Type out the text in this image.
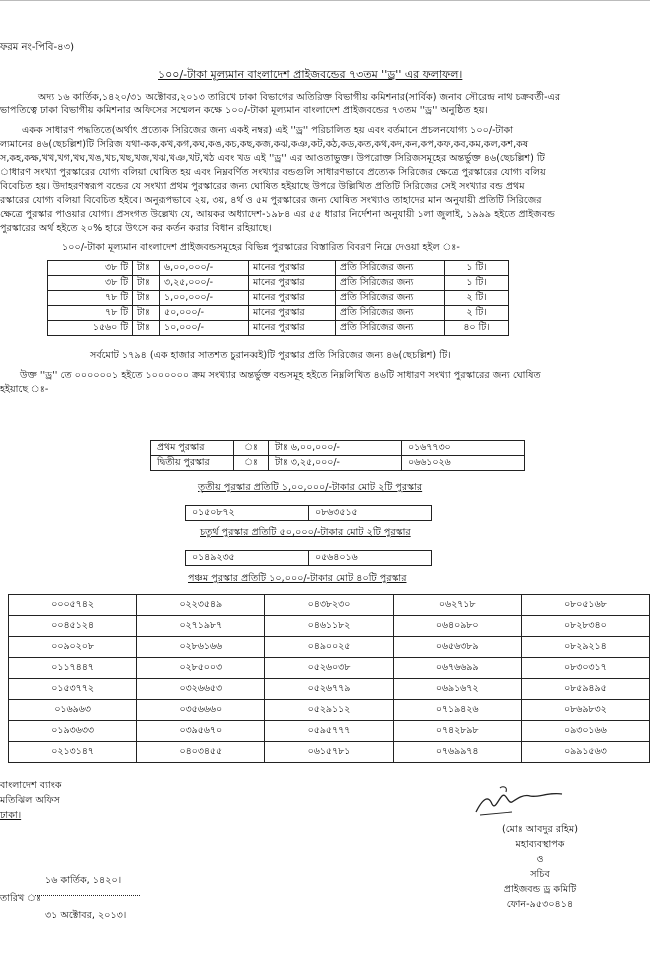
ফরম নং-পিবি-৪৩)
১০০/-টাকা মূল্যমান বাংলাদেশ প্রাইজবন্ডের ৭৩তম ''ড্র'' এর ফলাফল।
অদ্য ১৬ কার্তিক,১৪২০/৩১ অক্টোবর,২০১৩ তারিখে ঢাকা বিভাগের অতিরিক্ত বিভাগীয় কমিশনার(সার্বিক) জনাব সৌরেন্দ্র নাথ চক্রবর্তী-এর
ভাপতিত্বে ঢাকা বিভাগীয় কমিশনার অফিসের সম্মেলন কক্ষে ১০০/-টাকা মূল্যমান বাংলাদেশ প্রাইজবন্ডের ৭৩তম ''ড্র'' অনুষ্ঠিত হয়।
একক সাধারণ পদ্ধতিতে(অর্থাৎ প্রত্যেক সিরিজের জন্য একই নম্বর) এই ''ড্র'' পরিচালিত হয় এবং বর্তমানে প্রচলনযোগ্য ১০০/-টাকা
ল্যমানের ৪৬(ছেচল্লিশ)টি সিরিজ যথা-কক,কখ,কগ,কঘ,কঙ,কচ,কছ,কজ,কঝ,কঞ,কট,কঠ,কড,কত,কথ,কদ,কন,কপ,কফ,কব,কম,কল,কশ,কষ
স,কহ,কক্ষ,খখ,খগ,খঘ,খঙ,খচ,খছ,খজ,খঝ,খঞ,খট,খঠ এবং খড এই ''ড্র'' এর আওতাভুক্ত। উপরোক্ত সিরিজসমূহের অন্তর্ভুক্ত ৪৬(ছেচল্লিশ) টি
াধারণ সংখ্যা পুরস্কারের যোগ্য বলিয়া ঘোষিত হয় এবং নিম্নবর্ণিত সংখ্যার বন্ডগুলি সাধারণভাবে প্রত্যেক সিরিজের ক্ষেত্রে পুরস্কারের যোগ্য বলিয়
বিবেচিত হয়। উদাহরণস্বরূপ বন্ডের যে সংখ্যা প্রথম পুরস্কারের জন্য ঘোষিত হইয়াছে উপরে উল্লিখিত প্রতিটি সিরিজের সেই সংখ্যার বন্ড প্রথম
রস্কারের যোগ্য বলিয়া বিবেচিত হইবে। অনুরূপভাবে ২য়, ৩য়, ৪র্থ ও ৫ম পুরস্কারের জন্য ঘোষিত সংখ্যাও তাহাদের মান অনুযায়ী প্রতিটি সিরিজের
ক্ষেত্রে পুরস্কার পাওয়ার যোগ্য। প্রসংগত উল্লেখ্য যে, আয়কর অধ্যাদেশ-১৯৮৪ এর ৫৫ ধারার নির্দেশনা অনুযায়ী ১লা জুলাই, ১৯৯৯ হইতে প্রাইজবন্ড
পুরস্কারের অর্থ হইতে ২০% হারে উৎসে কর কর্তন করার বিধান রহিয়াছে।
১০০/-টাকা মূল্যমান বাংলাদেশ প্রাইজবন্ডসমূহের বিভিন্ন পুরস্কারের বিস্তারিত বিবরণ নিম্নে দেওয়া হইল ঃ-
৩৮ টি	টাঃ	৬,০০,০০০/-	মানের পুরস্কার	প্রতি সিরিজের জন্য	১ টি।
৩৮ টি	টাঃ	৩,২৫,০০০/-	মানের পুরস্কার	প্রতি সিরিজের জন্য	১ টি।
৭৮ টি	টাঃ	১,০০,০০০/-	মানের পুরস্কার	প্রতি সিরিজের জন্য	২ টি।
৭৮ টি	টাঃ	৫০,০০০/-	মানের পুরস্কার	প্রতি সিরিজের জন্য	২ টি।
১৫৬০ টি	টাঃ	১০,০০০/-	মানের পুরস্কার	প্রতি সিরিজের জন্য	৪০ টি।
সর্বমোট ১৭৯৪ (এক হাজার সাতশত চুরানব্বই)টি পুরস্কার প্রতি সিরিজের জন্য ৪৬(ছেচল্লিশ) টি।
উক্ত ''ড্র'' তে ০০০০০০১ হইতে ১০০০০০০ ক্রম সংখ্যার অন্তর্ভুক্ত বন্ডসমূহ হইতে নিম্নলিখিত ৪৬টি সাধারণ সংখ্যা পুরস্কারের জন্য ঘোষিত
হইয়াছে ঃ-
প্রথম পুরস্কার	ঃ	টাঃ ৬,০০,০০০/-	০১৬৭৭৩০
দ্বিতীয় পুরস্কার	ঃ	টাঃ ৩,২৫,০০০/-	০৬৬১০২৬
তৃতীয় পুরস্কার প্রতিটি ১,০০,০০০/-টাকার মোট ২টি পুরস্কার
০১৫০৮৭২	০৮৬৩৫১৫
চতুর্থ পুরস্কার প্রতিটি ৫০,০০০/-টাকার মোট ২টি পুরস্কার
০১৪৯২৩৫	০৫৬৪০১৬
পঞ্চম পুরস্কার প্রতিটি ১০,০০০/-টাকার মোট ৪০টি পুরস্কার
০০০৫৭৪২	০২২৩৫৪৯	০৪৩৮২৩০	০৬২৭১৮	০৮০৫১৬৮
০০৪৫১২৪	০২৭১৯৮৭	০৪৬১১৮২	০৬৪০৯৮০	০৮২৮৩৪০
০০৯০২০৮	০২৮৬১৬৬	০৪৯০০২৫	০৬৫৬৩৮৯	০৮২৯২১৪
০১১৭৪৪৭	০২৮৫০০৩	০৫২৬০৩৮	০৬৭৬৬৯৯	০৮৩০৩১৭
০১৫৩৭৭২	০৩২৬৬৫৩	০৫২৬৭৭৯	০৬৯১৬৭২	০৮৫৯৪৯৫
০১৬৯৬৩	০৩৫৬৬৬০	০৫২৯১১২	০৭১৯৪২৬	০৮৬৯৮৩২
০১৯৩৬৩৩	০৩৯৫৬৭০	০৫৯৫৭৭৭	০৭৪২৮৯৮	০৯৩০১৬৬
০২১৩১৪৭	০৪০৩৪৫৫	০৬১৫৭৮১	০৭৬৯৯৭৪	০৯৯১৫৬৩
বাংলাদেশ ব্যাংক
মতিঝিল অফিস
ঢাকা।
১৬ কার্তিক, ১৪২০।
তারিখ ঃ
৩১ অক্টোবর, ২০১৩।
(মোঃ আবদুর রহিম)
মহাব্যবস্থাপক
ও
সচিব
প্রাইজবন্ড ড্র কমিটি
ফোন-৯৫৩০৪১৪
